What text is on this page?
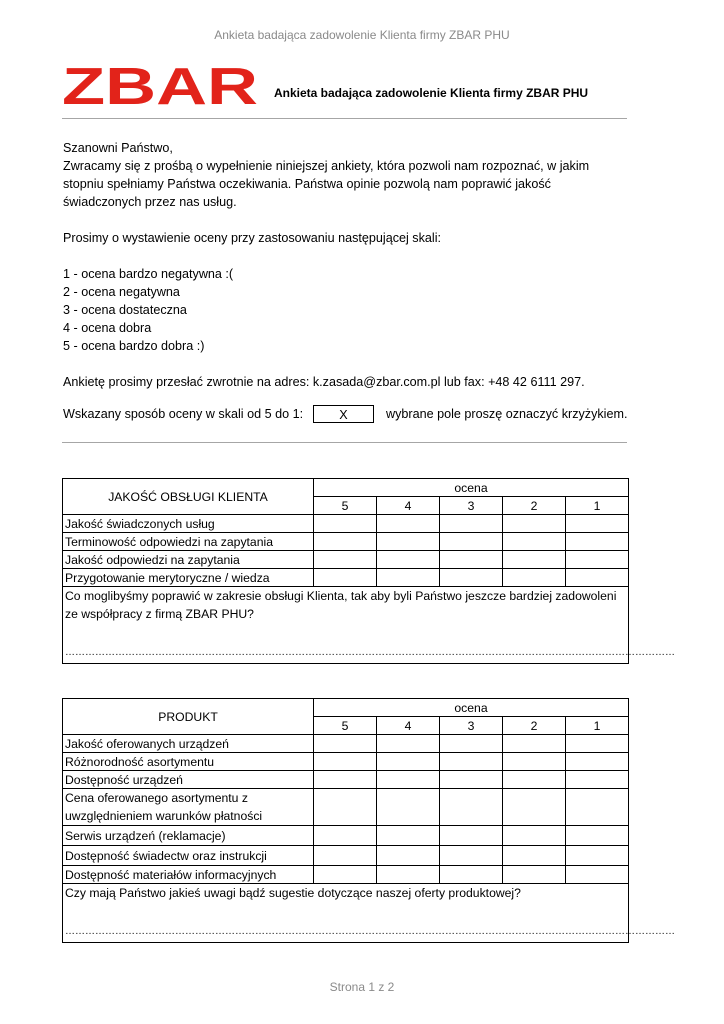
Ankieta badająca zadowolenie Klienta firmy ZBAR PHU
ZBAR Ankieta badająca zadowolenie Klienta firmy ZBAR PHU

Szanowni Państwo,

Zwracamy się z prośbą o wypełnienie niniejszej ankiety, która pozwoli nam rozpoznać, w jakim stopniu spełniamy Państwa oczekiwania. Państwa opinie pozwolą nam poprawić jakość świadczonych przez nas usług.

Prosimy o wystawienie oceny przy zastosowaniu następującej skali:

1 - ocena bardzo negatywna :(

2 - ocena negatywna

3 - ocena dostateczna

4 - ocena dobra

5 - ocena bardzo dobra :)

Ankietę prosimy przesłać zwrotnie na adres: k.zasada@zbar.com.pl lub fax: +48 42 6111 297.

Wskazany sposób oceny w skali od 5 do 1:	X	wybrane pole proszę oznaczyć krzyżykiem.
JAKOŚĆ OBSŁUGI KLIENTA	ocena				
	5	4	3	2	1
Jakość świadczonych usług					
Terminowość odpowiedzi na zapytania					
Jakość odpowiedzi na zapytania					
Przygotowanie merytoryczne / wiedza					

Co moglibyśmy poprawić w zakresie obsługi Klienta, tak aby byli Państwo jeszcze bardziej zadowoleni ze współpracy z firmą ZBAR PHU?
…………………………………………………………………………………………………………………………………………………………………					
PRODUKT	ocena				
	5	4	3	2	1
Jakość oferowanych urządzeń					
Różnorodność asortymentu					
Dostępność urządzeń					

Cena oferowanego asortymentu z
uwzględnieniem warunków płatności					

Serwis urządzeń (reklamacje)					
Dostępność świadectw oraz instrukcji					
Dostępność materiałów informacyjnych					

Czy mają Państwo jakieś uwagi bądź sugestie dotyczące naszej oferty produktowej?
…………………………………………………………………………………………………………………………………………………………………					
Strona 1 z 2
